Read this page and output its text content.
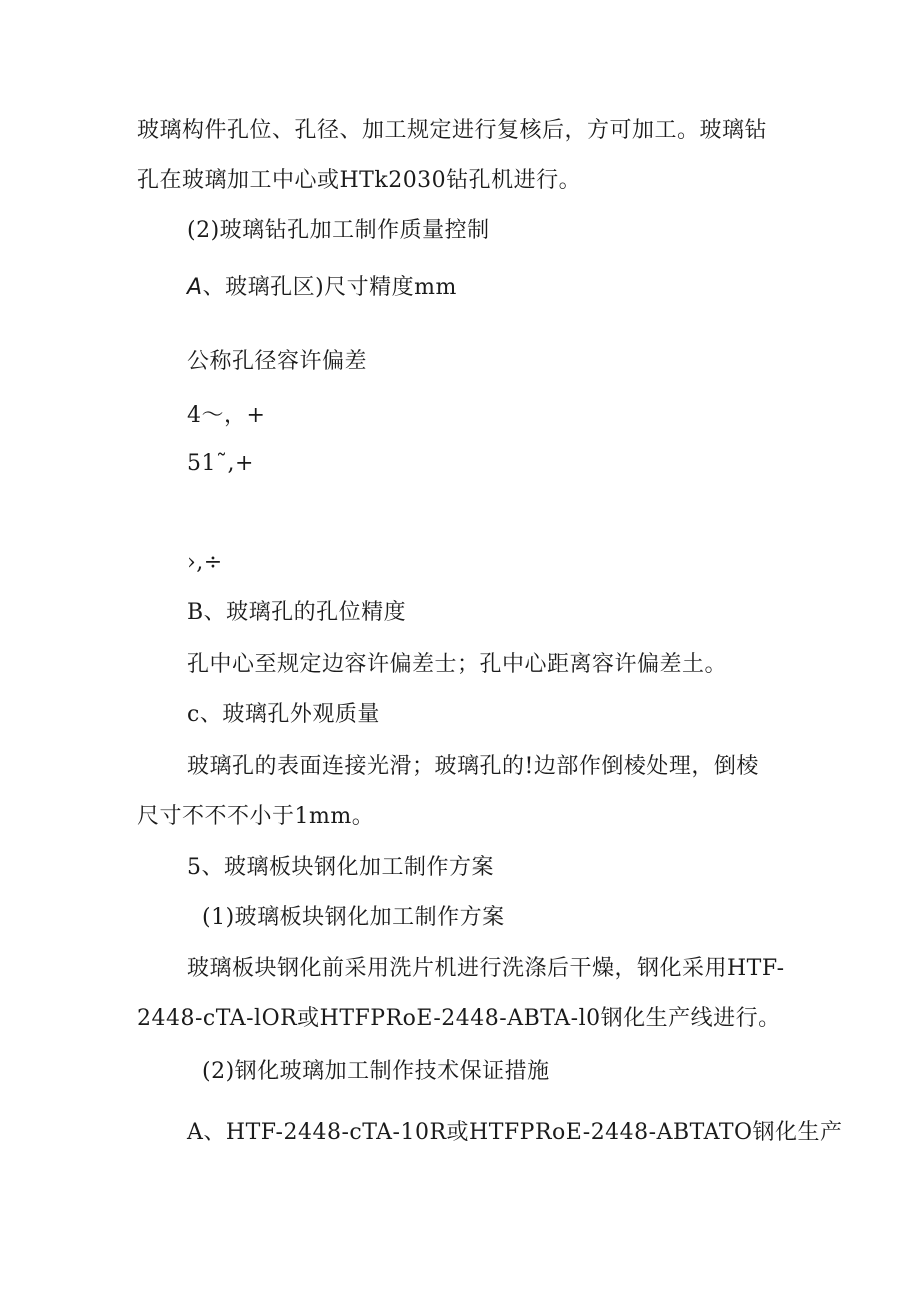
玻璃构件孔位、孔径、加工规定进行复核后，方可加工。玻璃钻

孔在玻璃加工中心或HTk2030钻孔机进行。

(2)玻璃钻孔加工制作质量控制

A、玻璃孔区)尺寸精度mm

公称孔径容许偏差

4～，+

51˜,+

›,÷

B、玻璃孔的孔位精度

孔中心至规定边容许偏差士；孔中心距离容许偏差土。

c、玻璃孔外观质量

玻璃孔的表面连接光滑；玻璃孔的!边部作倒棱处理，倒棱

尺寸不不不小于1mm。

5、玻璃板块钢化加工制作方案

(1)玻璃板块钢化加工制作方案

玻璃板块钢化前采用洗片机进行洗涤后干燥，钢化采用HTF-

2448-cTA-lOR或HTFPRoE-2448-ABTA-l0钢化生产线进行。

(2)钢化玻璃加工制作技术保证措施

A、HTF-2448-cTA-10R或HTFPRoE-2448-ABTATO钢化生产
